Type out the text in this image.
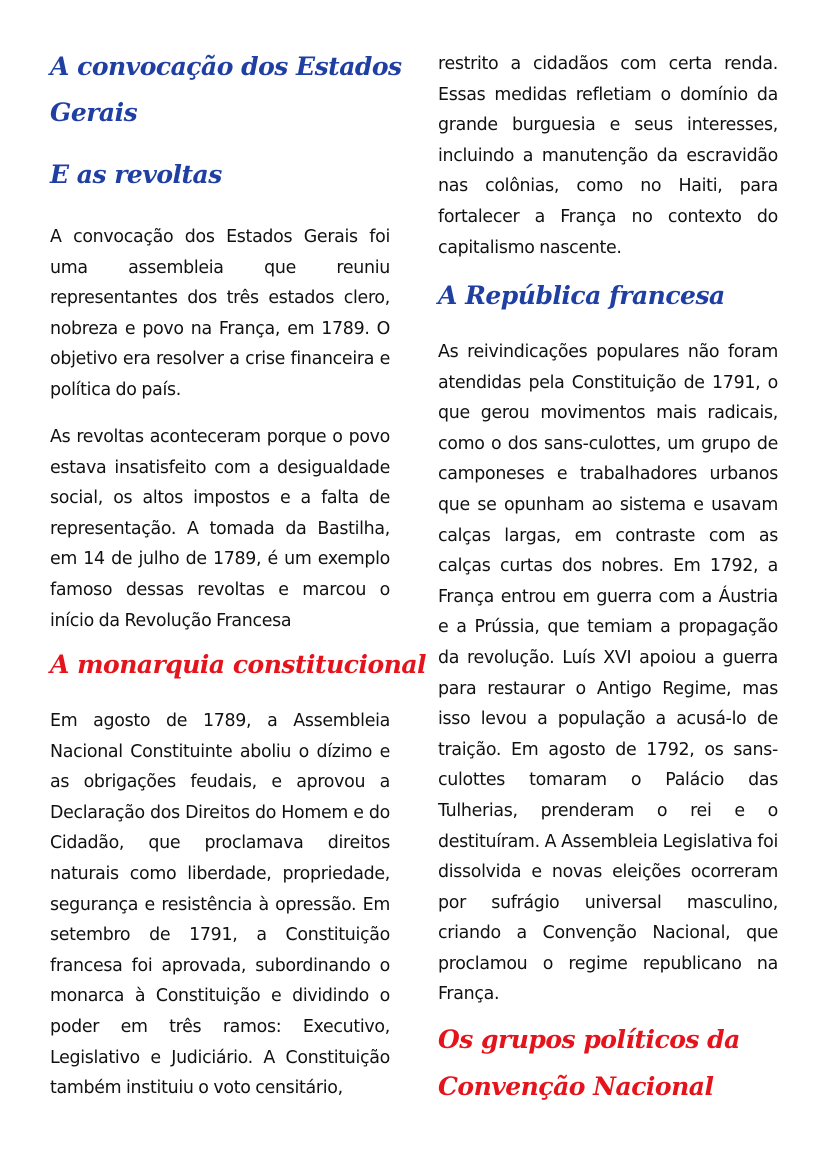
A convocação dos Estados
Gerais
E as revoltas
A convocação dos Estados Gerais foi uma assembleia que reuniu representantes dos três estados clero, nobreza e povo na França, em 1789. O objetivo era resolver a crise financeira e política do país.
As revoltas aconteceram porque o povo estava insatisfeito com a desigualdade social, os altos impostos e a falta de representação. A tomada da Bastilha, em 14 de julho de 1789, é um exemplo famoso dessas revoltas e marcou o início da Revolução Francesa
A monarquia constitucional
Em agosto de 1789, a Assembleia Nacional Constituinte aboliu o dízimo e as obrigações feudais, e aprovou a Declaração dos Direitos do Homem e do Cidadão, que proclamava direitos naturais como liberdade, propriedade, segurança e resistência à opressão. Em setembro de 1791, a Constituição francesa foi aprovada, subordinando o monarca à Constituição e dividindo o poder em três ramos: Executivo, Legislativo e Judiciário. A Constituição também instituiu o voto censitário,
restrito a cidadãos com certa renda. Essas medidas refletiam o domínio da grande burguesia e seus interesses, incluindo a manutenção da escravidão nas colônias, como no Haiti, para fortalecer a França no contexto do capitalismo nascente.
A República francesa
As reivindicações populares não foram atendidas pela Constituição de 1791, o que gerou movimentos mais radicais, como o dos sans-culottes, um grupo de camponeses e trabalhadores urbanos que se opunham ao sistema e usavam calças largas, em contraste com as calças curtas dos nobres. Em 1792, a França entrou em guerra com a Áustria e a Prússia, que temiam a propagação da revolução. Luís XVI apoiou a guerra para restaurar o Antigo Regime, mas isso levou a população a acusá-lo de traição. Em agosto de 1792, os sans-culottes tomaram o Palácio das Tulherias, prenderam o rei e o destituíram. A Assembleia Legislativa foi dissolvida e novas eleições ocorreram por sufrágio universal masculino, criando a Convenção Nacional, que proclamou o regime republicano na França.
Os grupos políticos da
Convenção Nacional
